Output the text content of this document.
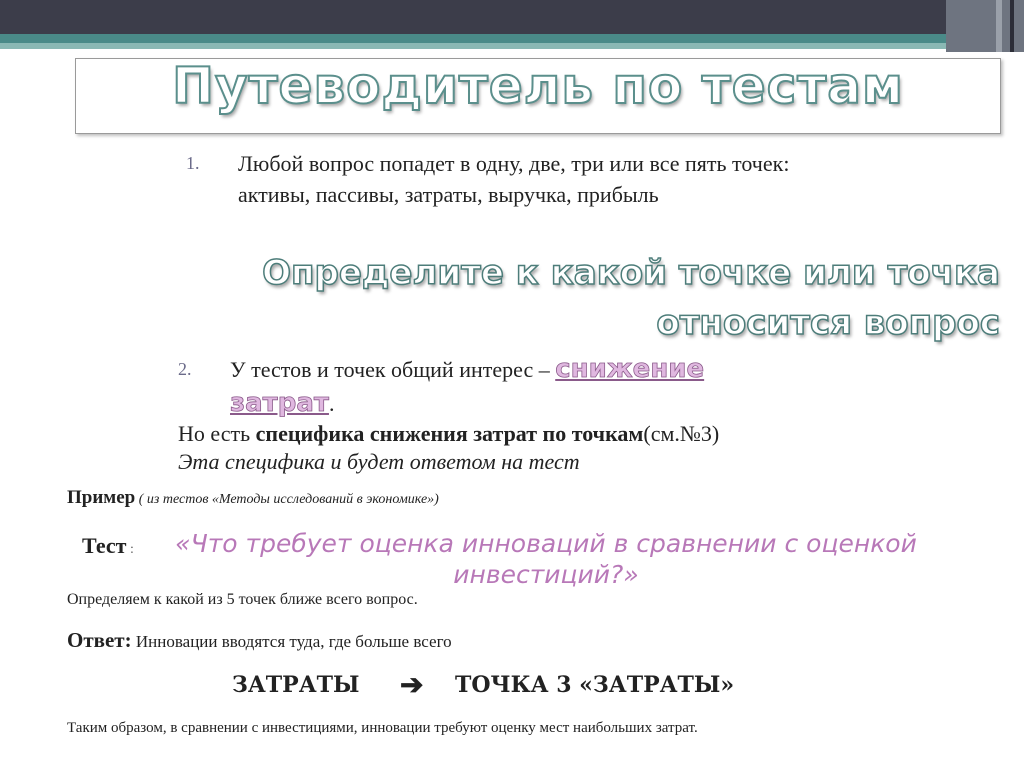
Путеводитель по тестам
1. Любой вопрос попадет в одну, две, три или все пять точек: активы, пассивы, затраты, выручка, прибыль
Определите к какой точке или точка
относится вопрос
2. У тестов и точек общий интерес – снижение
затрат.
Но есть специфика снижения затрат по точкам(см.№3)
Эта специфика и будет ответом на тест
Пример ( из тестов «Методы исследований в экономике»)
Тест :	«Что требует оценка инноваций в сравнении с оценкой инвестиций?»
Определяем к какой из 5 точек ближе всего вопрос.
Ответ: Инновации вводятся туда, где больше всего
ЗАТРАТЫ ➔ ТОЧКА 3 «ЗАТРАТЫ»
Таким образом, в сравнении с инвестициями, инновации требуют оценку мест наибольших затрат.
